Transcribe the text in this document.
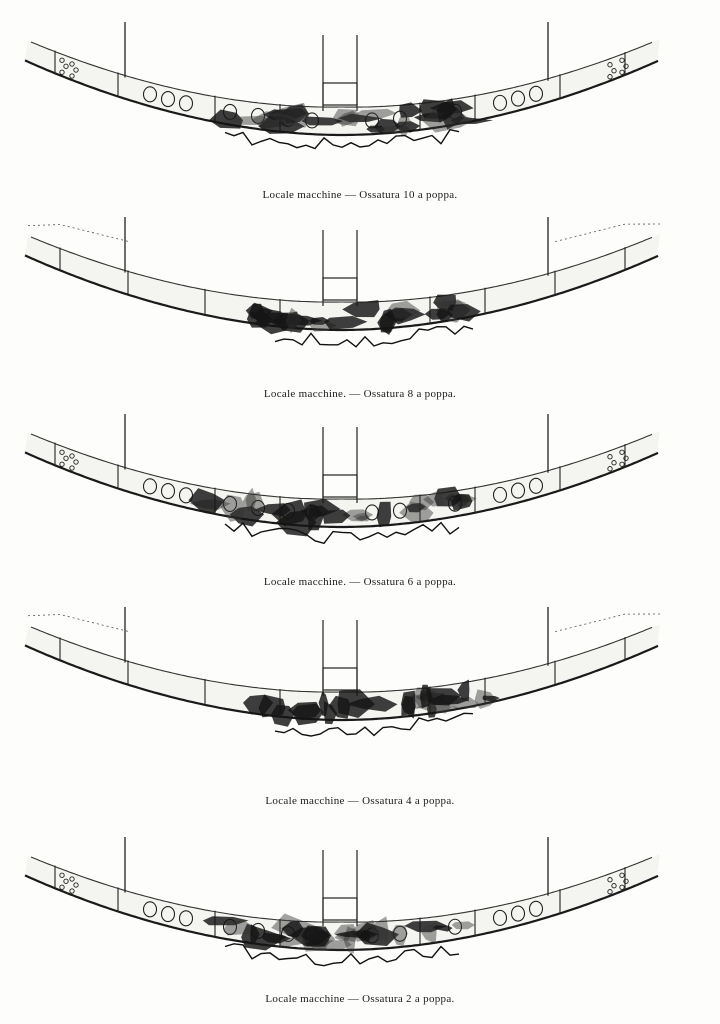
Locale macchine — Ossatura 10 a poppa.
Locale macchine. — Ossatura 8 a poppa.
Locale macchine. — Ossatura 6 a poppa.
Locale macchine — Ossatura 4 a poppa.
Locale macchine — Ossatura 2 a poppa.
